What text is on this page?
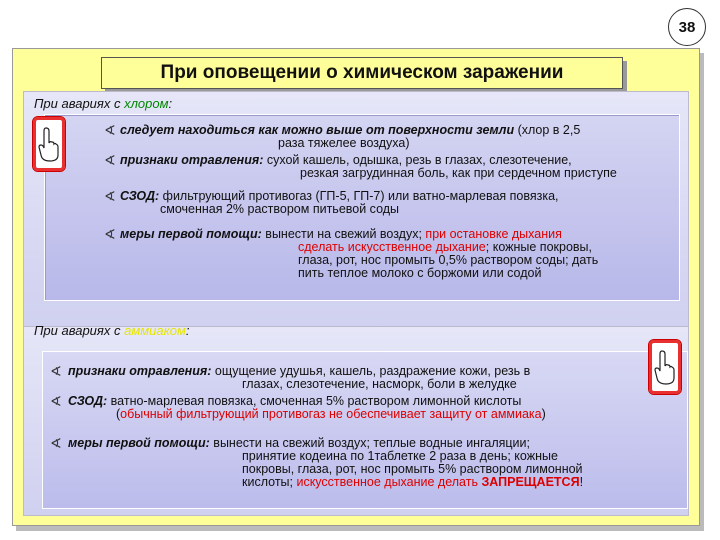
38
При оповещении о химическом заражении
При авариях с хлором:
∢ следует находиться как можно выше от поверхности земли (хлор в 2,5
раза тяжелее воздуха)
∢ признаки отравления: сухой кашель, одышка, резь в глазах, слезотечение,
резкая загрудинная боль, как при сердечном приступе
∢ СЗОД: фильтрующий противогаз (ГП-5, ГП-7) или ватно-марлевая повязка,
смоченная 2% раствором питьевой соды
∢ меры первой помощи: вынести на свежий воздух; при остановке дыхания
сделать искусственное дыхание; кожные покровы,
глаза, рот, нос промыть 0,5% раствором соды; дать
пить теплое молоко с боржоми или содой
При авариях с аммиаком:
∢ признаки отравления: ощущение удушья, кашель, раздражение кожи, резь в
глазах, слезотечение, насморк, боли в желудке
∢ СЗОД: ватно-марлевая повязка, смоченная 5% раствором лимонной кислоты
(обычный фильтрующий противогаз не обеспечивает защиту от аммиака)
∢ меры первой помощи: вынести на свежий воздух; теплые водные ингаляции;
принятие кодеина по 1таблетке 2 раза в день; кожные
покровы, глаза, рот, нос промыть 5% раствором лимонной
кислоты; искусственное дыхание делать ЗАПРЕЩАЕТСЯ!
